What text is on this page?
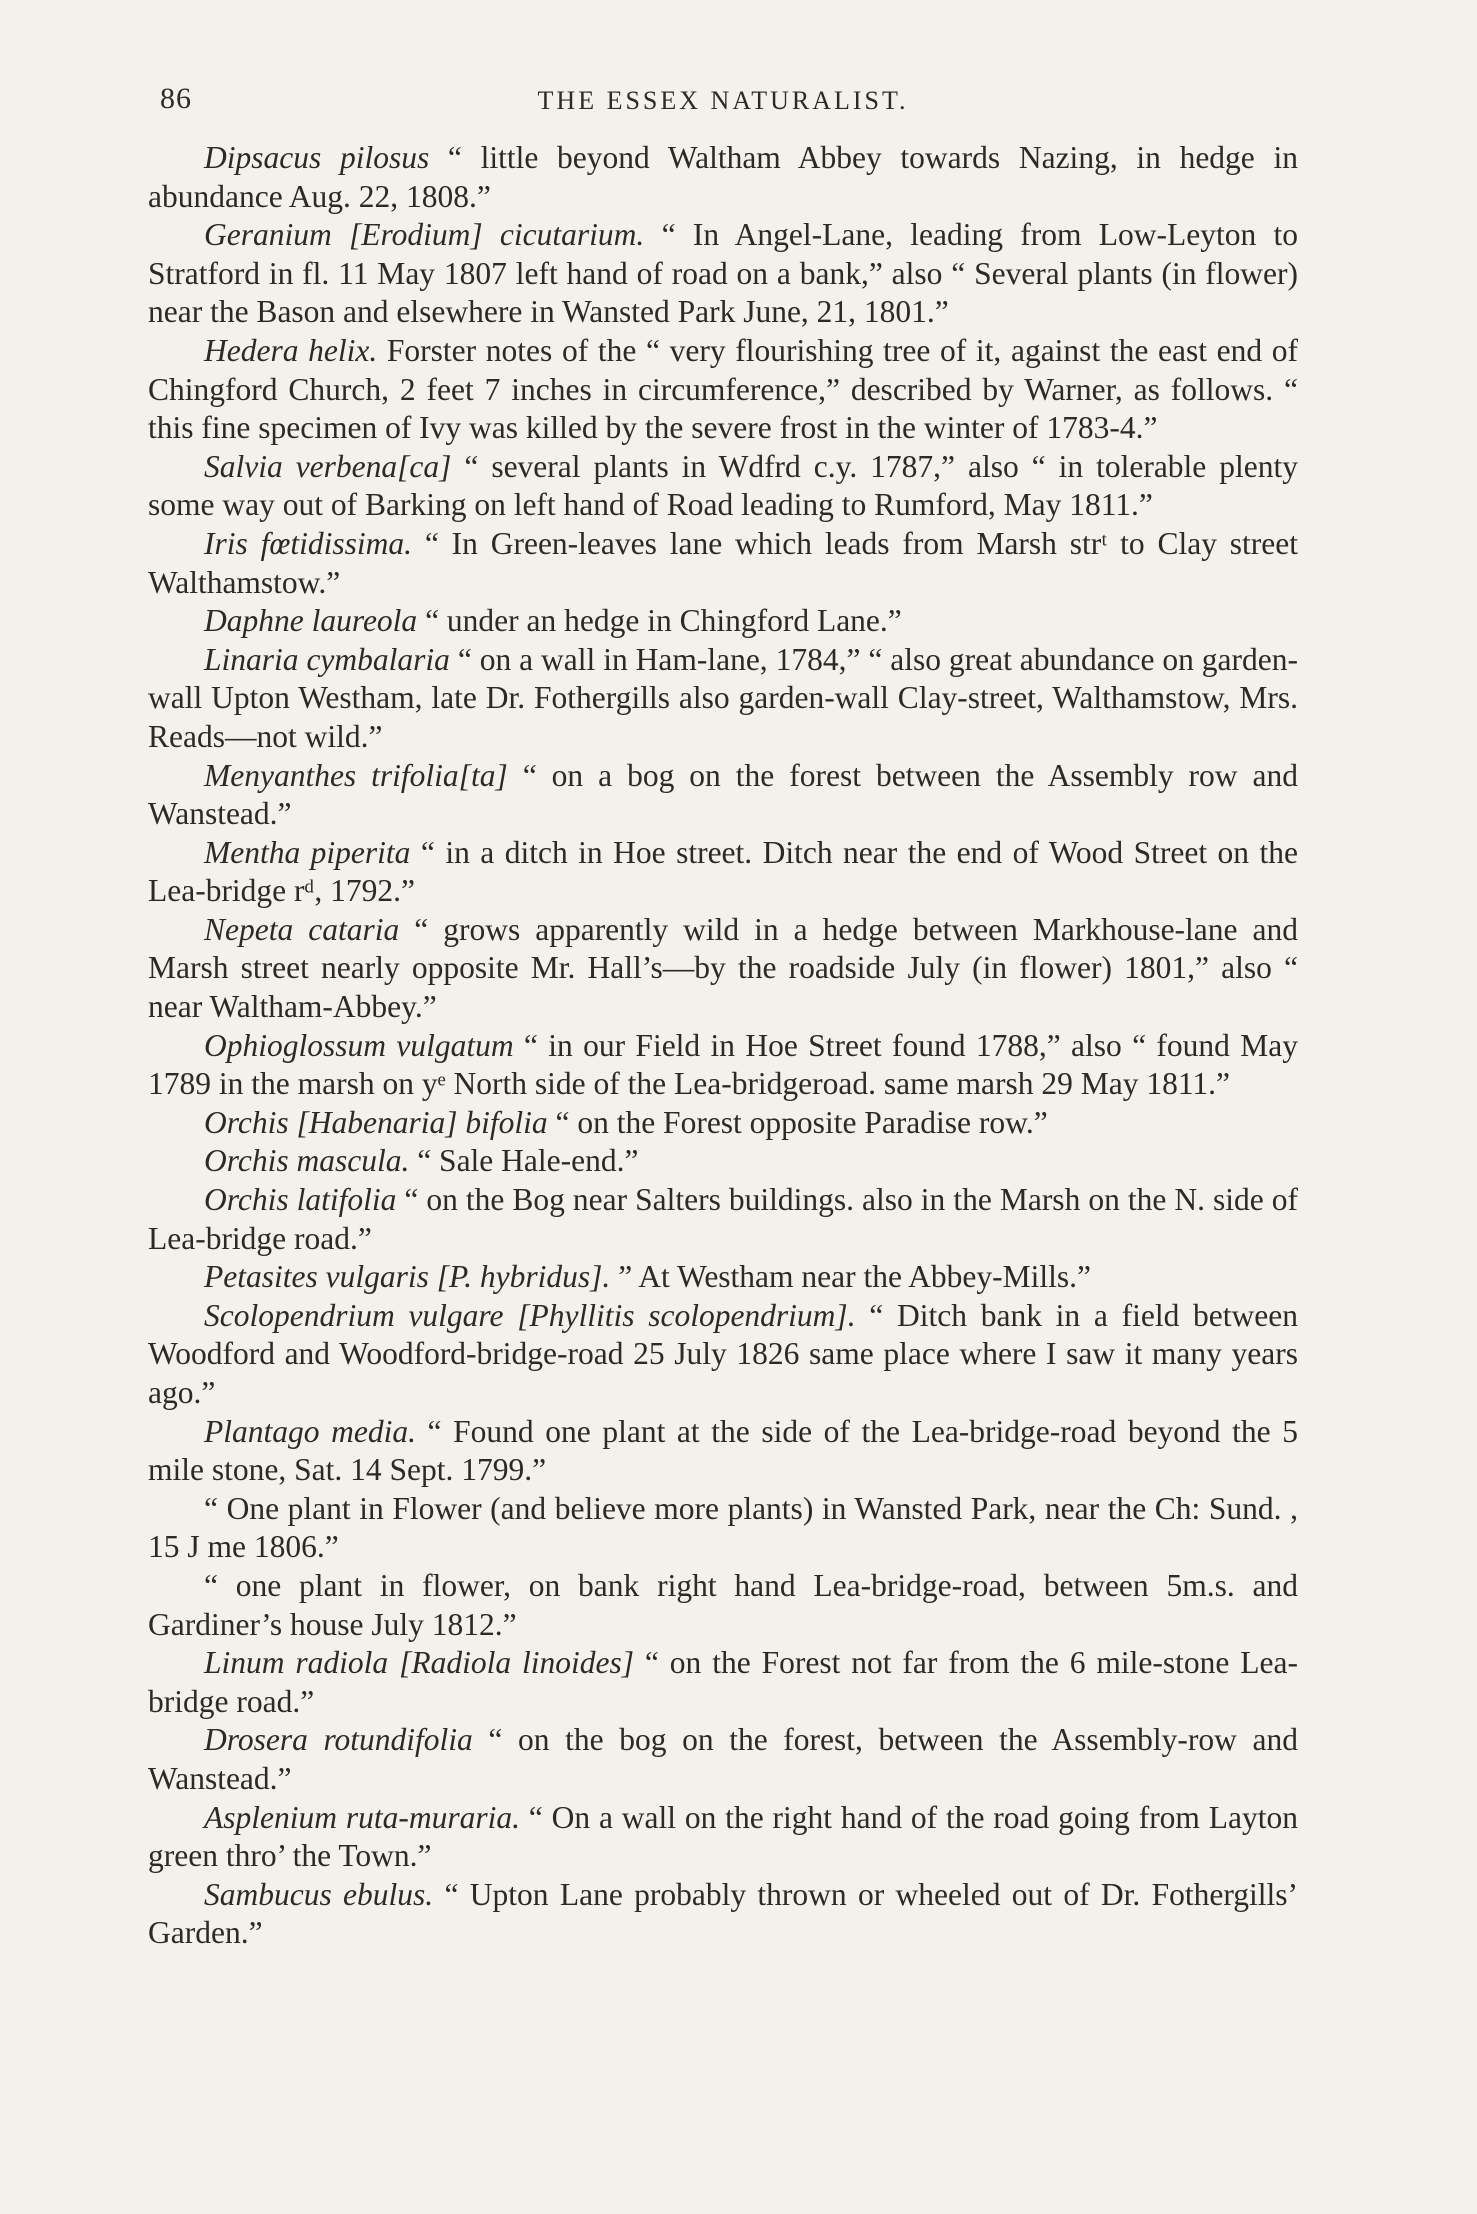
86	THE ESSEX NATURALIST.

Dipsacus pilosus “ little beyond Waltham Abbey towards Nazing, in hedge in abundance Aug. 22, 1808.”

Geranium [Erodium] cicutarium. “ In Angel-Lane, leading from Low-Leyton to Stratford in fl. 11 May 1807 left hand of road on a bank,” also “ Several plants (in flower) near the Bason and elsewhere in Wansted Park June, 21, 1801.”

Hedera helix. Forster notes of the “ very flourishing tree of it, against the east end of Chingford Church, 2 feet 7 inches in circumference,” described by Warner, as follows. “ this fine specimen of Ivy was killed by the severe frost in the winter of 1783-4.”

Salvia verbena[ca] “ several plants in Wdfrd c.y. 1787,” also “ in tolerable plenty some way out of Barking on left hand of Road leading to Rumford, May 1811.”

Iris fœtidissima. “ In Green-leaves lane which leads from Marsh strᵗ to Clay street Walthamstow.”

Daphne laureola “ under an hedge in Chingford Lane.”

Linaria cymbalaria “ on a wall in Ham-lane, 1784,” “ also great abundance on garden-wall Upton Westham, late Dr. Fothergills also garden-wall Clay-street, Walthamstow, Mrs. Reads—not wild.”

Menyanthes trifolia[ta] “ on a bog on the forest between the Assembly row and Wanstead.”

Mentha piperita “ in a ditch in Hoe street. Ditch near the end of Wood Street on the Lea-bridge rᵈ, 1792.”

Nepeta cataria “ grows apparently wild in a hedge between Markhouse-lane and Marsh street nearly opposite Mr. Hall’s—by the roadside July (in flower) 1801,” also “ near Waltham-Abbey.”

Ophioglossum vulgatum “ in our Field in Hoe Street found 1788,” also “ found May 1789 in the marsh on yᵉ North side of the Lea-bridgeroad. same marsh 29 May 1811.”

Orchis [Habenaria] bifolia “ on the Forest opposite Paradise row.”

Orchis mascula. “ Sale Hale-end.”

Orchis latifolia “ on the Bog near Salters buildings. also in the Marsh on the N. side of Lea-bridge road.”

Petasites vulgaris [P. hybridus]. ” At Westham near the Abbey-Mills.”

Scolopendrium vulgare [Phyllitis scolopendrium]. “ Ditch bank in a field between Woodford and Woodford-bridge-road 25 July 1826 same place where I saw it many years ago.”

Plantago media. “ Found one plant at the side of the Lea-bridge-road beyond the 5 mile stone, Sat. 14 Sept. 1799.”

“ One plant in Flower (and believe more plants) in Wansted Park, near the Ch: Sund. , 15 J me 1806.”

“ one plant in flower, on bank right hand Lea-bridge-road, between 5m.s. and Gardiner’s house July 1812.”

Linum radiola [Radiola linoides] “ on the Forest not far from the 6 mile-stone Lea-bridge road.”

Drosera rotundifolia “ on the bog on the forest, between the Assembly-row and Wanstead.”

Asplenium ruta-muraria. “ On a wall on the right hand of the road going from Layton green thro’ the Town.”

Sambucus ebulus. “ Upton Lane probably thrown or wheeled out of Dr. Fothergills’ Garden.”
